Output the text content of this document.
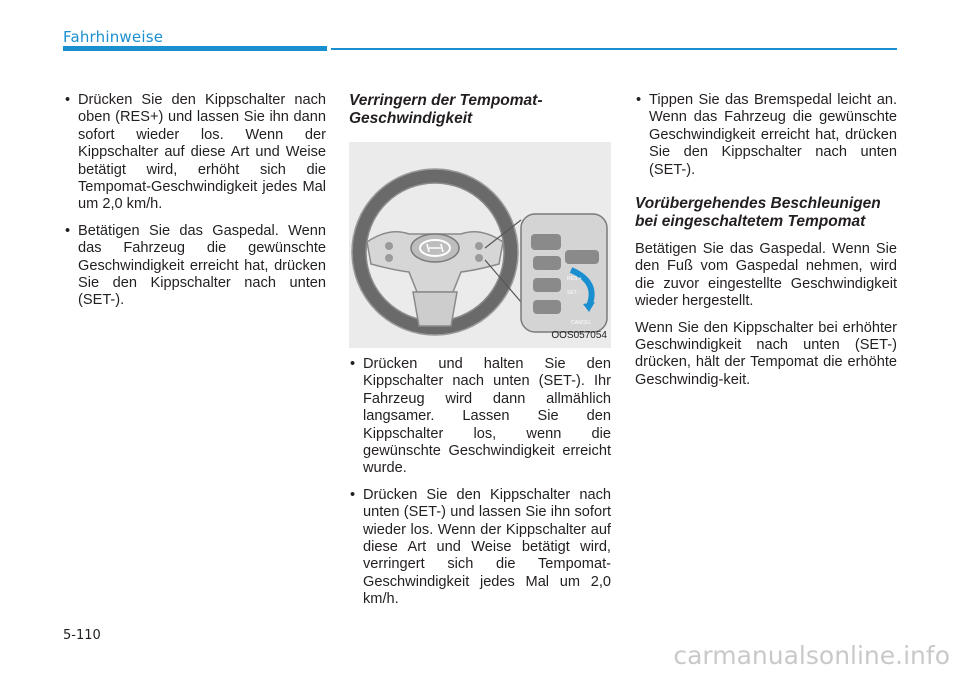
Fahrhinweise
• Drücken Sie den Kippschalter nach oben (RES+) und lassen Sie ihn dann sofort wieder los. Wenn der Kippschalter auf diese Art und Weise betätigt wird, erhöht sich die Tempomat-Geschwindigkeit jedes Mal um 2,0 km/h.
• Betätigen Sie das Gaspedal. Wenn das Fahrzeug die gewünschte Geschwindigkeit erreicht hat, drücken Sie den Kippschalter nach unten (SET-).
Verringern der Tempomat-Geschwindigkeit
RES +
SET -
CANCEL
OOS057054
• Drücken und halten Sie den Kippschalter nach unten (SET-). Ihr Fahrzeug wird dann allmählich langsamer. Lassen Sie den Kippschalter los, wenn die gewünschte Geschwindigkeit erreicht wurde.
• Drücken Sie den Kippschalter nach unten (SET-) und lassen Sie ihn sofort wieder los. Wenn der Kippschalter auf diese Art und Weise betätigt wird, verringert sich die Tempomat-Geschwindigkeit jedes Mal um 2,0 km/h.
• Tippen Sie das Bremspedal leicht an. Wenn das Fahrzeug die gewünschte Geschwindigkeit erreicht hat, drücken Sie den Kippschalter nach unten (SET-).
Vorübergehendes Beschleunigen bei eingeschaltetem Tempomat

Betätigen Sie das Gaspedal. Wenn Sie den Fuß vom Gaspedal nehmen, wird die zuvor eingestellte Geschwindigkeit wieder hergestellt.

Wenn Sie den Kippschalter bei erhöhter Geschwindigkeit nach unten (SET-) drücken, hält der Tempomat die erhöhte Geschwindig-keit.

5-110
carmanualsonline.info
